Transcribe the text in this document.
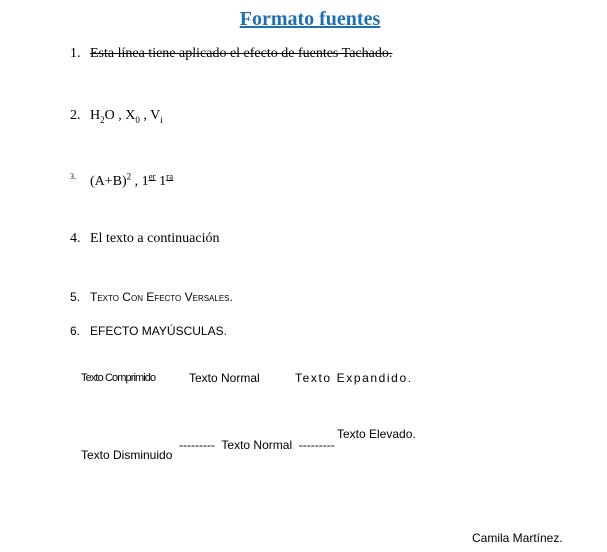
Formato fuentes
1. Esta línea tiene aplicado el efecto de fuentes Tachado.
2. $H_2O$ , $X_0$ , $V_i$
$^{3.}$ $(A+B)^2$ , 1er $1^{ra}$
4. El texto a continuación
5. Texto Con Efecto Versales.
6. EFECTO MAYÚSCULAS.
Texto Comprimido	Texto Normal	Texto Expandido.
Texto Elevado.
---------  Texto Normal  ---------
Texto Disminuido
Camila Martínez.
